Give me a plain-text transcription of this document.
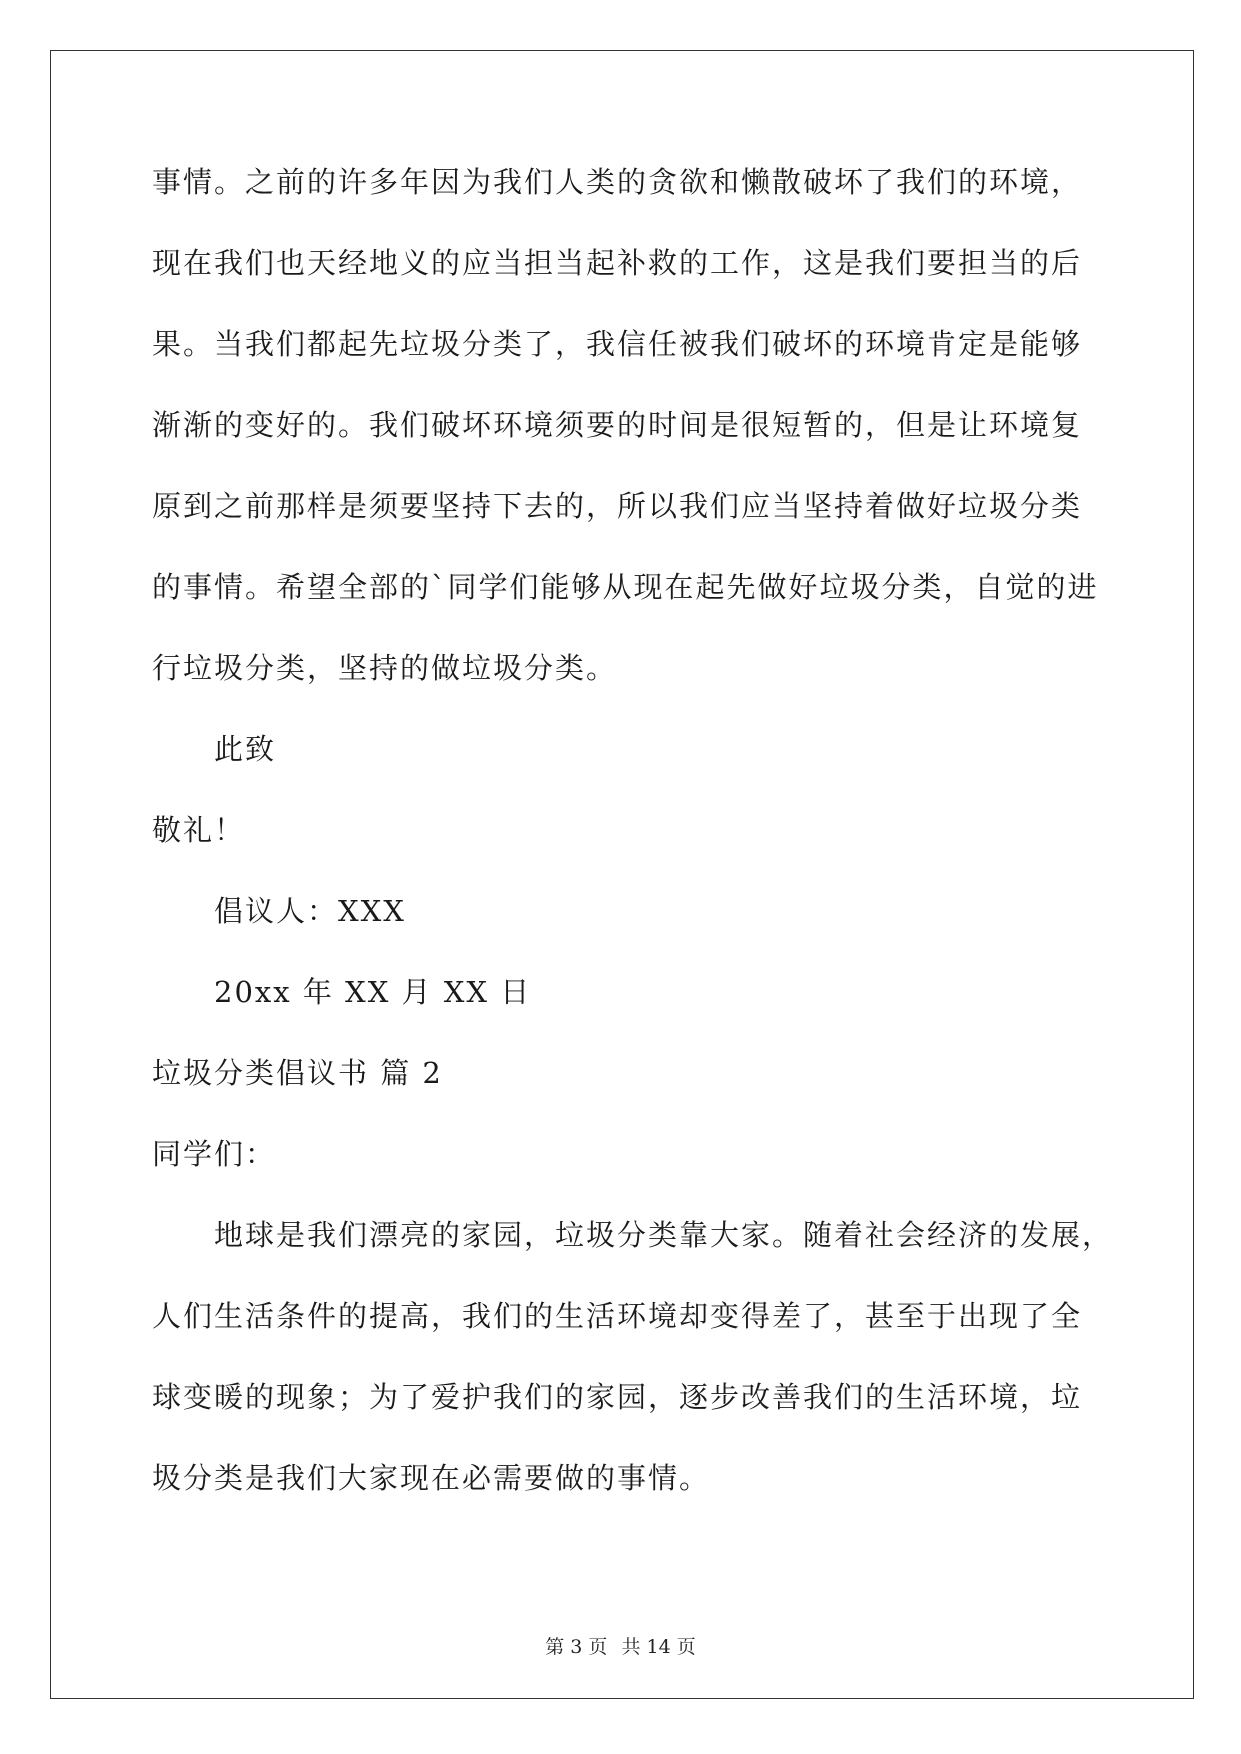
事情。之前的许多年因为我们人类的贪欲和懒散破坏了我们的环境，
现在我们也天经地义的应当担当起补救的工作，这是我们要担当的后
果。当我们都起先垃圾分类了，我信任被我们破坏的环境肯定是能够
渐渐的变好的。我们破坏环境须要的时间是很短暂的，但是让环境复
原到之前那样是须要坚持下去的，所以我们应当坚持着做好垃圾分类
的事情。希望全部的`同学们能够从现在起先做好垃圾分类，自觉的进
行垃圾分类，坚持的做垃圾分类。
此致
敬礼！
倡议人：XXX
20xx 年 XX 月 XX 日
垃圾分类倡议书 篇 2
同学们：
地球是我们漂亮的家园，垃圾分类靠大家。随着社会经济的发展，
人们生活条件的提高，我们的生活环境却变得差了，甚至于出现了全
球变暖的现象；为了爱护我们的家园，逐步改善我们的生活环境，垃
圾分类是我们大家现在必需要做的事情。
第 3 页 共 14 页
